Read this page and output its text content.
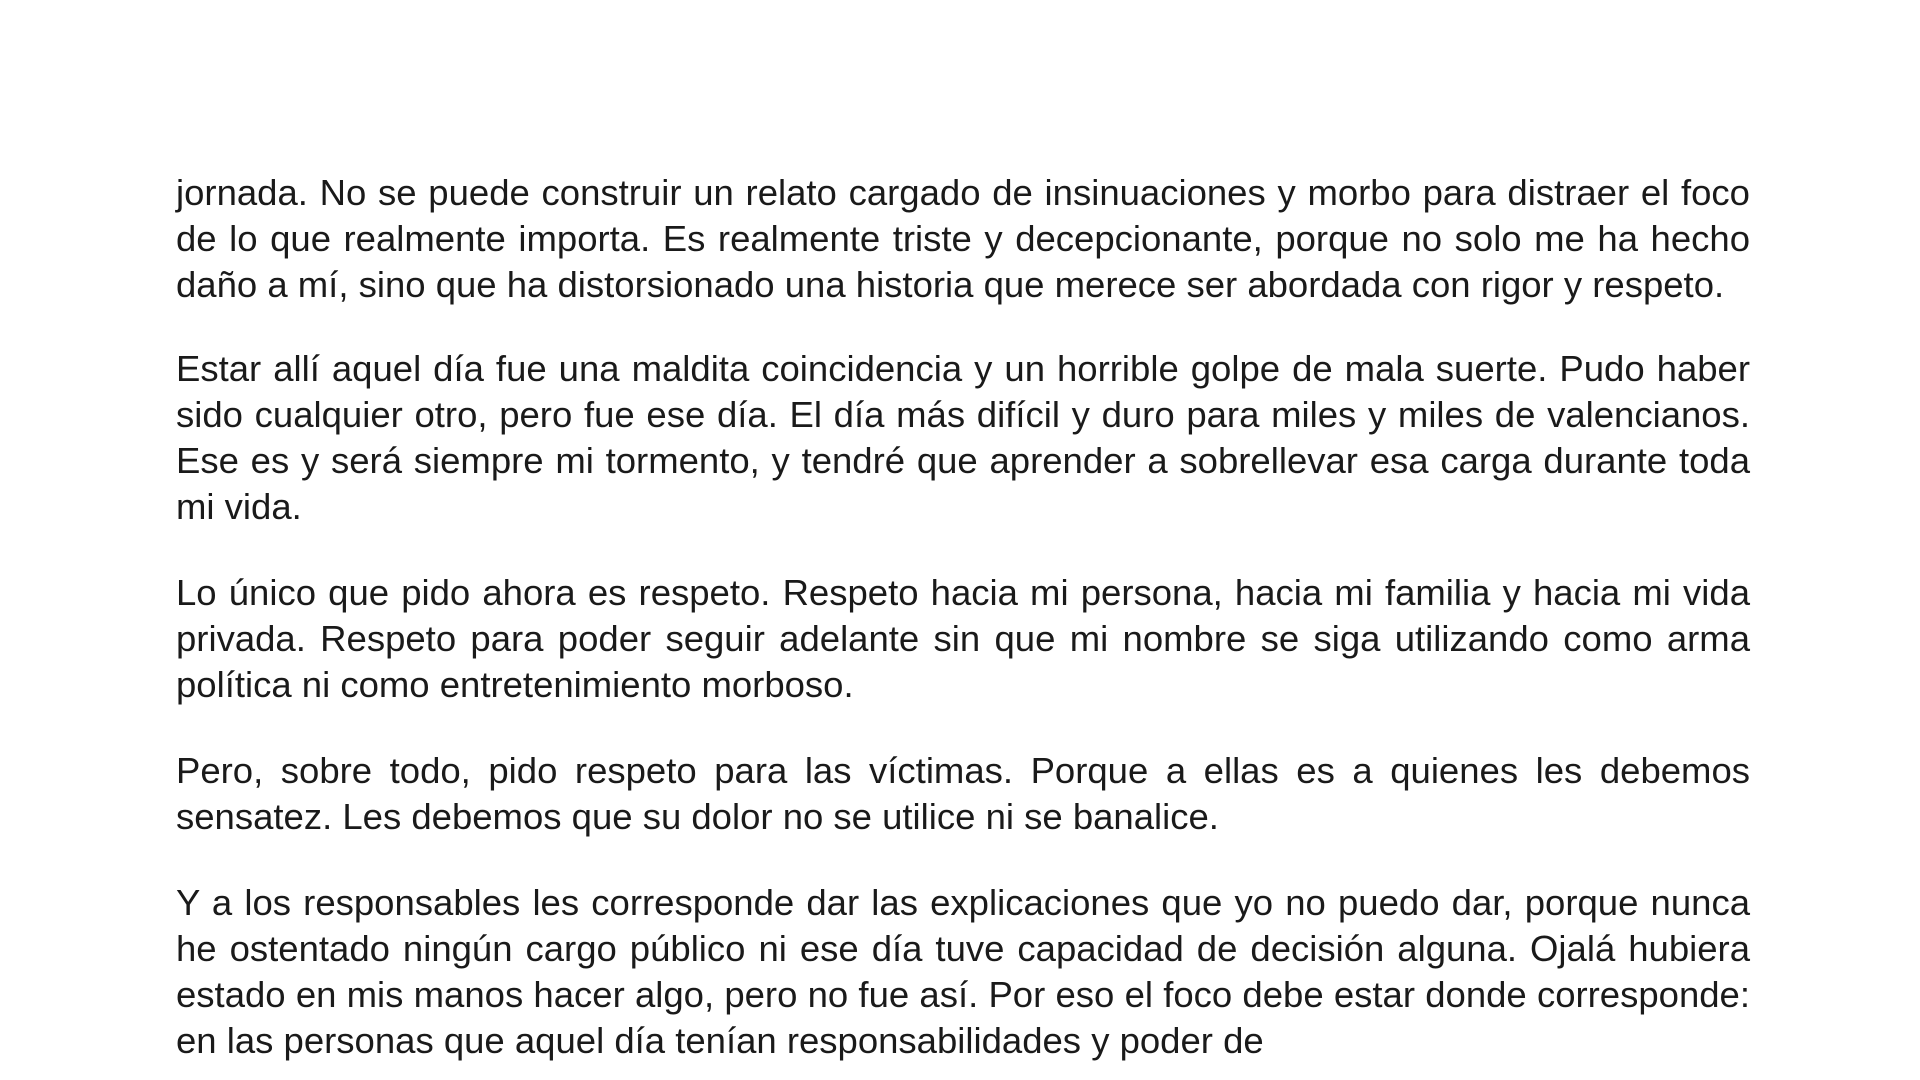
jornada. No se puede construir un relato cargado de insinuaciones y morbo para distraer el foco de lo que realmente importa. Es realmente triste y decepcionante, porque no solo me ha hecho daño a mí, sino que ha distorsionado una historia que merece ser abordada con rigor y respeto.

Estar allí aquel día fue una maldita coincidencia y un horrible golpe de mala suerte. Pudo haber sido cualquier otro, pero fue ese día. El día más difícil y duro para miles y miles de valencianos. Ese es y será siempre mi tormento, y tendré que aprender a sobrellevar esa carga durante toda mi vida.

Lo único que pido ahora es respeto. Respeto hacia mi persona, hacia mi familia y hacia mi vida privada. Respeto para poder seguir adelante sin que mi nombre se siga utilizando como arma política ni como entretenimiento morboso.

Pero, sobre todo, pido respeto para las víctimas. Porque a ellas es a quienes les debemos sensatez. Les debemos que su dolor no se utilice ni se banalice.

Y a los responsables les corresponde dar las explicaciones que yo no puedo dar, porque nunca he ostentado ningún cargo público ni ese día tuve capacidad de decisión alguna. Ojalá hubiera estado en mis manos hacer algo, pero no fue así. Por eso el foco debe estar donde corresponde: en las personas que aquel día tenían responsabilidades y poder de
